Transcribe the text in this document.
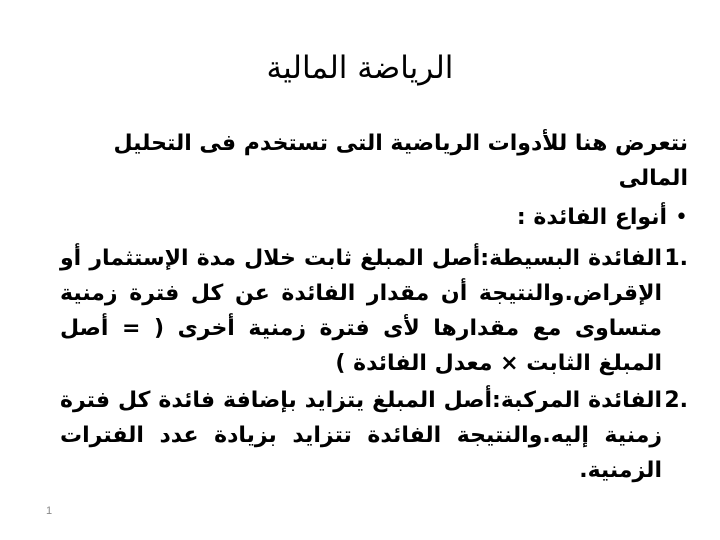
الرياضة المالية
نتعرض هنا للأدوات الرياضية التى تستخدم فى التحليل المالى
•أنواع الفائدة :
1.
الفائدة البسيطة:أصل المبلغ ثابت خلال مدة الإستثمار أو الإقراض.والنتيجة أن مقدار الفائدة عن كل فترة زمنية متساوى مع مقدارها لأى فترة زمنية أخرى ( = أصل المبلغ الثابت × معدل الفائدة )
2.
الفائدة المركبة:أصل المبلغ يتزايد بإضافة فائدة كل فترة زمنية إليه.والنتيجة الفائدة تتزايد بزيادة عدد الفترات الزمنية.
1
